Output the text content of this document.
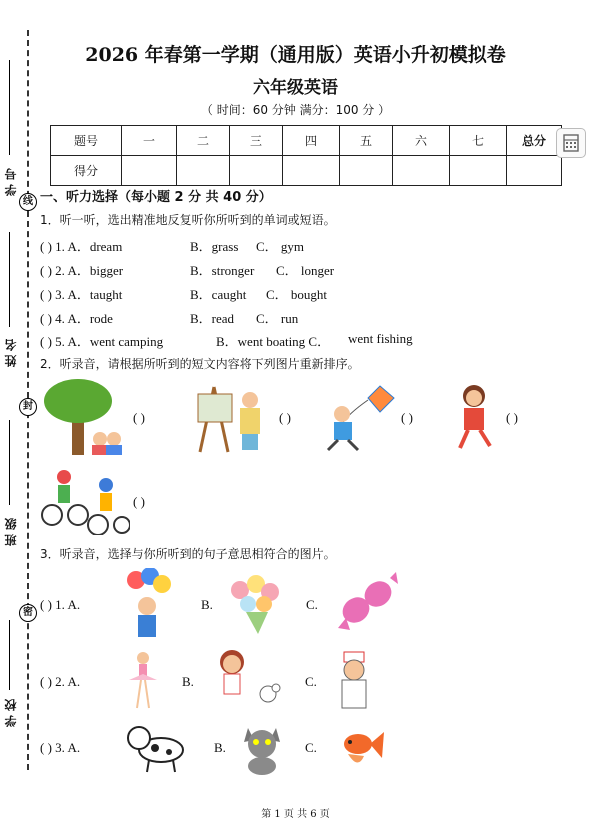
学 号
线
姓 名
封
班 级
密
学 校
2026 年春第一学期（通用版）英语小升初模拟卷
六年级英语
（ 时间：60 分钟 满分：100 分 ）
题号	一	二	三	四	五	六	七	总分
得分								
一、听力选择（每小题 2 分 共 40 分）
1．听一听，选出精准地反复听你所听到的单词或短语。
( ) 1. A．dream	B．grass C． gym
( ) 2. A．bigger	B．stronger C． longer
( ) 3. A．taught	B．caught C． bought
( ) 4. A．rode	B．read C． run
( ) 5. A．went camping	B．went boating C． went fishing
2．听录音，请根据所听到的短文内容将下列图片重新排序。
( )	( )	( )	( )
( )
3．听录音，选择与你所听到的句子意思相符合的图片。
( ) 1. A.	B.	C.
( ) 2. A.	B.	C.
( ) 3. A.	B.	C.
第 1 页 共 6 页
